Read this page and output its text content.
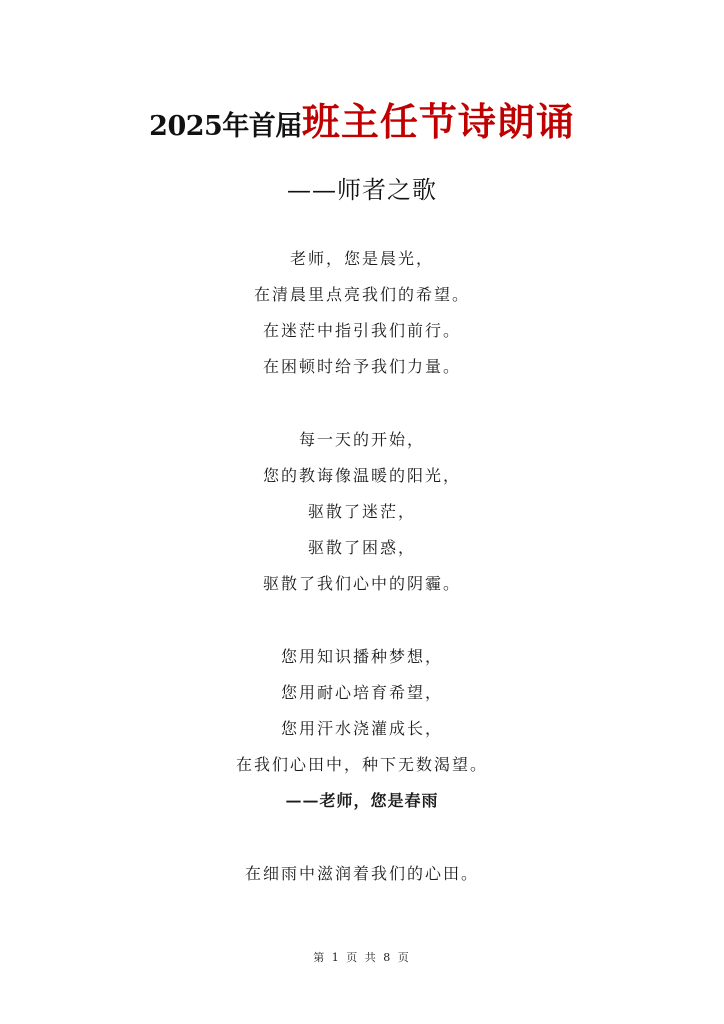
2025年首届班主任节诗朗诵
——师者之歌
老师，您是晨光，
在清晨里点亮我们的希望。
在迷茫中指引我们前行。
在困顿时给予我们力量。
每一天的开始，
您的教诲像温暖的阳光，
驱散了迷茫，
驱散了困惑，
驱散了我们心中的阴霾。
您用知识播种梦想，
您用耐心培育希望，
您用汗水浇灌成长，
在我们心田中，种下无数渴望。
——老师，您是春雨
在细雨中滋润着我们的心田。
第 1 页 共 8 页
